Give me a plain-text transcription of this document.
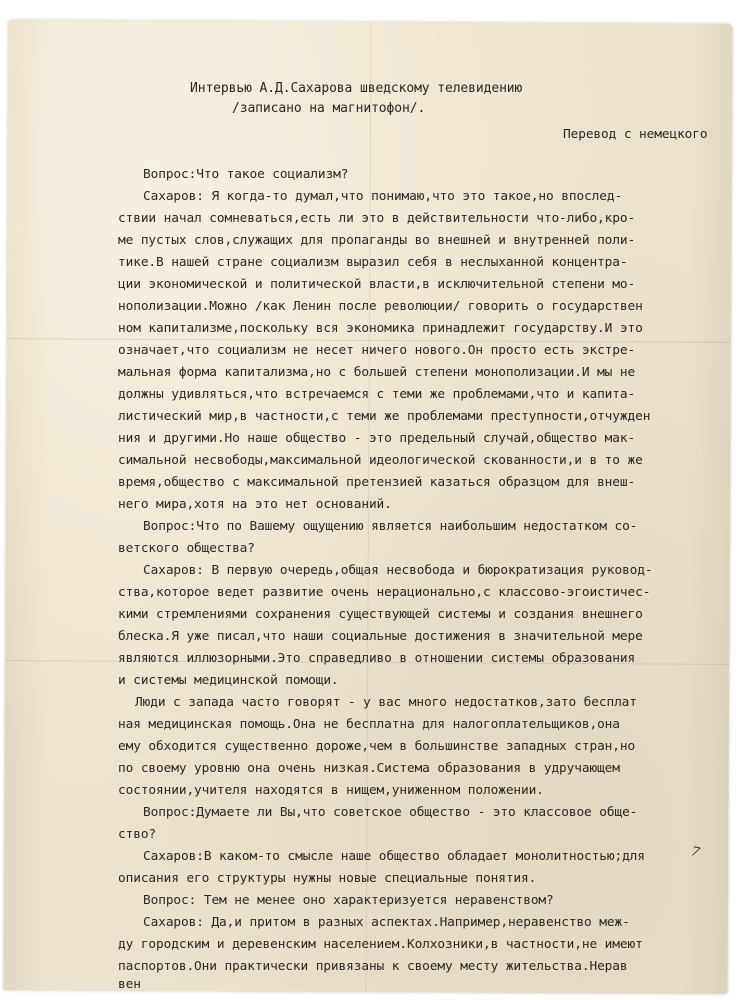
Интервью А.Д.Сахарова шведскому телевидению
/записано на магнитофон/.
Перевод с немецкого
Вопрос:Что такое социализм?
Сахаров: Я когда-то думал,что понимаю,что это такое,но впослед-
ствии начал сомневаться,есть ли это в действительности что-либо,кро-
ме пустых слов,служащих для пропаганды во внешней и внутренней поли-
тике.В нашей стране социализм выразил себя в неслыханной концентра-
ции экономической и политической власти,в исключительной степени мо-
нополизации.Можно /как Ленин после революции/ говорить о государствен
ном капитализме,поскольку вся экономика принадлежит государству.И это
означает,что социализм не несет ничего нового.Он просто есть экстре-
мальная форма капитализма,но с большей степени монополизации.И мы не
должны удивляться,что встречаемся с теми же проблемами,что и капита-
листический мир,в частности,с теми же проблемами преступности,отчужден
ния и другими.Но наше общество - это предельный случай,общество мак-
симальной несвободы,максимальной идеологической скованности,и в то же
время,общество с максимальной претензией казаться образцом для внеш-
него мира,хотя на это нет оснований.
Вопрос:Что по Вашему ощущению является наибольшим недостатком со-
ветского общества?
Сахаров: В первую очередь,общая несвобода и бюрократизация руковод-
ства,которое ведет развитие очень нерационально,с классово-эгоистичес-
кими стремлениями сохранения существующей системы и создания внешнего
блеска.Я уже писал,что наши социальные достижения в значительной мере
являются иллюзорными.Это справедливо в отношении системы образования
и системы медицинской помощи.
Люди с запада часто говорят - у вас много недостатков,зато бесплат
ная медицинская помощь.Она не бесплатна для налогоплательщиков,она
ему обходится существенно дороже,чем в большинстве западных стран,но
по своему уровню она очень низкая.Система образования в удручающем
состоянии,учителя находятся в нищем,униженном положении.
Вопрос:Думаете ли Вы,что советское общество - это классовое обще-
ство?
Сахаров:В каком-то смысле наше общество обладает монолитностью;для
описания его структуры нужны новые специальные понятия.
Вопрос: Тем не менее оно характеризуется неравенством?
Сахаров: Да,и притом в разных аспектах.Например,неравенство меж-
ду городским и деревенским населением.Колхозники,в частности,не имеют
паспортов.Они практически привязаны к своему месту жительства.Нерав
вен
7
